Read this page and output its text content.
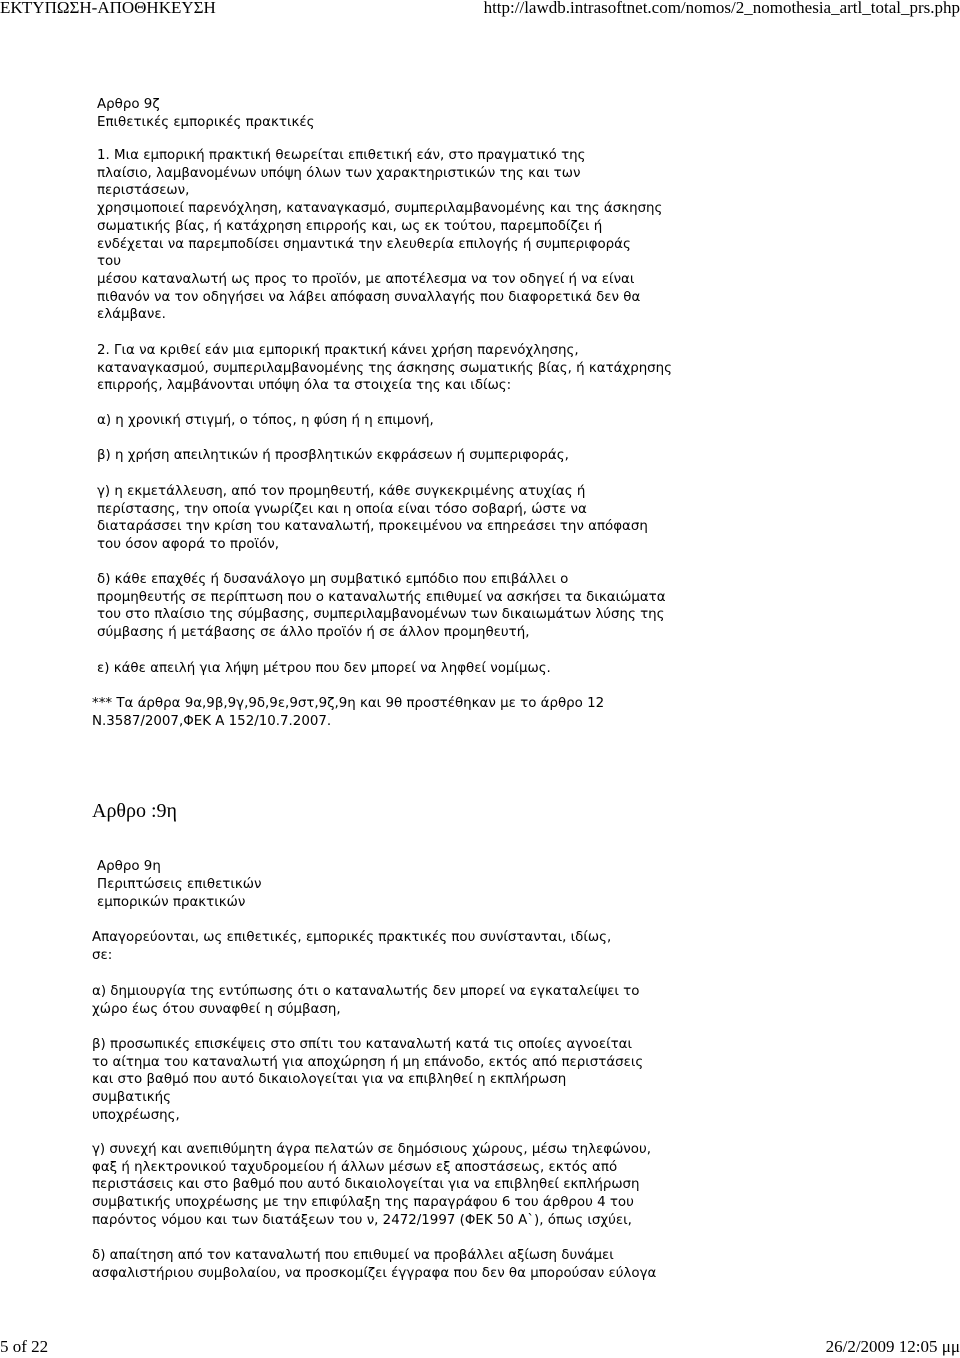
ΕΚΤΥΠΩΣΗ-ΑΠΟΘΗΚΕΥΣΗ	http://lawdb.intrasoftnet.com/nomos/2_nomothesia_artl_total_prs.php
Αρθρο 9ζ
Επιθετικές εμπορικές πρακτικές
1. Μια εμπορική πρακτική θεωρείται επιθετική εάν, στο πραγματικό της
πλαίσιο, λαμβανομένων υπόψη όλων των χαρακτηριστικών της και των
περιστάσεων,
χρησιμοποιεί παρενόχληση, καταναγκασμό, συμπεριλαμβανομένης και της άσκησης
σωματικής βίας, ή κατάχρηση επιρροής και, ως εκ τούτου, παρεμποδίζει ή
ενδέχεται να παρεμποδίσει σημαντικά την ελευθερία επιλογής ή συμπεριφοράς
του
μέσου καταναλωτή ως προς το προϊόν, με αποτέλεσμα να τον οδηγεί ή να είναι
πιθανόν να τον οδηγήσει να λάβει απόφαση συναλλαγής που διαφορετικά δεν θα
ελάμβανε.
2. Για να κριθεί εάν μια εμπορική πρακτική κάνει χρήση παρενόχλησης,
καταναγκασμού, συμπεριλαμβανομένης της άσκησης σωματικής βίας, ή κατάχρησης
επιρροής, λαμβάνονται υπόψη όλα τα στοιχεία της και ιδίως:
α) η χρονική στιγμή, ο τόπος, η φύση ή η επιμονή,
β) η χρήση απειλητικών ή προσβλητικών εκφράσεων ή συμπεριφοράς,
γ) η εκμετάλλευση, από τον προμηθευτή, κάθε συγκεκριμένης ατυχίας ή
περίστασης, την οποία γνωρίζει και η οποία είναι τόσο σοβαρή, ώστε να
διαταράσσει την κρίση του καταναλωτή, προκειμένου να επηρεάσει την απόφαση
του όσον αφορά το προϊόν,
δ) κάθε επαχθές ή δυσανάλογο μη συμβατικό εμπόδιο που επιβάλλει ο
προμηθευτής σε περίπτωση που ο καταναλωτής επιθυμεί να ασκήσει τα δικαιώματα
του στο πλαίσιο της σύμβασης, συμπεριλαμβανομένων των δικαιωμάτων λύσης της
σύμβασης ή μετάβασης σε άλλο προϊόν ή σε άλλον προμηθευτή,
ε) κάθε απειλή για λήψη μέτρου που δεν μπορεί να ληφθεί νομίμως.
*** Τα άρθρα 9α,9β,9γ,9δ,9ε,9στ,9ζ,9η και 9θ προστέθηκαν με το άρθρο 12
Ν.3587/2007,ΦΕΚ Α 152/10.7.2007.
Αρθρο :9η
Αρθρο 9η
Περιπτώσεις επιθετικών
εμπορικών πρακτικών
Απαγορεύονται, ως επιθετικές, εμπορικές πρακτικές που συνίστανται, ιδίως,
σε:
α) δημιουργία της εντύπωσης ότι ο καταναλωτής δεν μπορεί να εγκαταλείψει το
χώρο έως ότου συναφθεί η σύμβαση,
β) προσωπικές επισκέψεις στο σπίτι του καταναλωτή κατά τις οποίες αγνοείται
το αίτημα του καταναλωτή για αποχώρηση ή μη επάνοδο, εκτός από περιστάσεις
και στο βαθμό που αυτό δικαιολογείται για να επιβληθεί η εκπλήρωση
συμβατικής
υποχρέωσης,
γ) συνεχή και ανεπιθύμητη άγρα πελατών σε δημόσιους χώρους, μέσω τηλεφώνου,
φαξ ή ηλεκτρονικού ταχυδρομείου ή άλλων μέσων εξ αποστάσεως, εκτός από
περιστάσεις και στο βαθμό που αυτό δικαιολογείται για να επιβληθεί εκπλήρωση
συμβατικής υποχρέωσης με την επιφύλαξη της παραγράφου 6 του άρθρου 4 του
παρόντος νόμου και των διατάξεων του ν, 2472/1997 (ΦΕΚ 50 Α`), όπως ισχύει,
δ) απαίτηση από τον καταναλωτή που επιθυμεί να προβάλλει αξίωση δυνάμει
ασφαλιστήριου συμβολαίου, να προσκομίζει έγγραφα που δεν θα μπορούσαν εύλογα
5 of 22	26/2/2009 12:05 μμ
